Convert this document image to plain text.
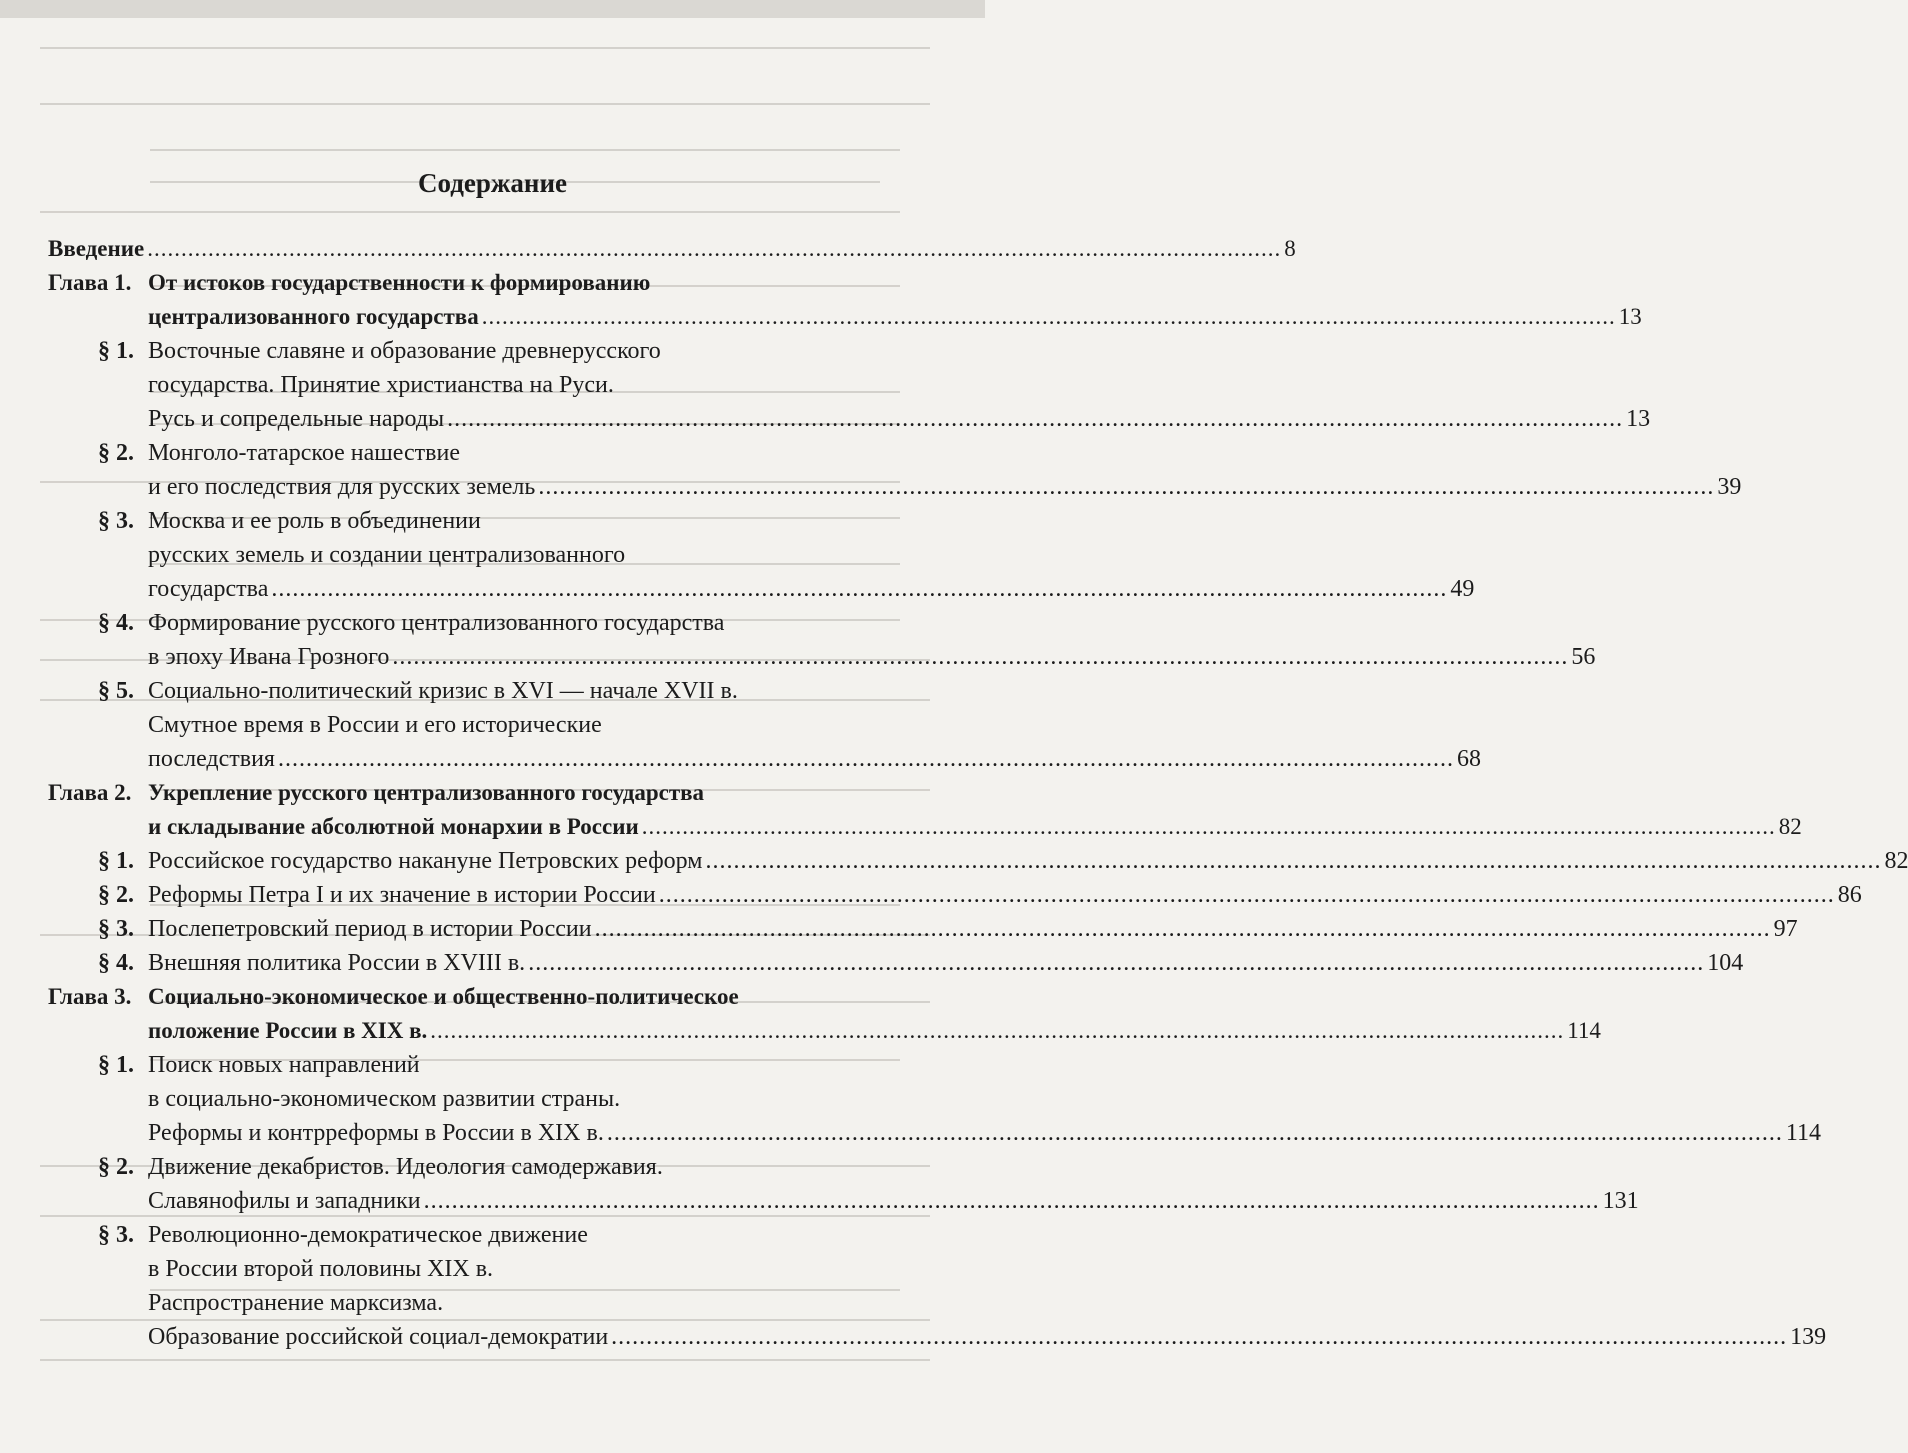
Содержание
Введение .....	8
Глава 1. От истоков государственности к формированию
централизованного государства .....	13
§ 1. Восточные славяне и образование древнерусского
государства. Принятие христианства на Руси.
Русь и сопредельные народы .....	13
§ 2. Монголо-татарское нашествие
и его последствия для русских земель .....	39
§ 3. Москва и ее роль в объединении
русских земель и создании централизованного
государства .....	49
§ 4. Формирование русского централизованного государства
в эпоху Ивана Грозного .....	56
§ 5. Социально-политический кризис в XVI — начале XVII в.
Смутное время в России и его исторические
последствия .....	68
Глава 2. Укрепление русского централизованного государства
и складывание абсолютной монархии в России .....	82
§ 1. Российское государство накануне Петровских реформ .....	82
§ 2. Реформы Петра I и их значение в истории России .....	86
§ 3. Послепетровский период в истории России .....	97
§ 4. Внешняя политика России в XVIII в. .....	104
Глава 3. Социально-экономическое и общественно-политическое
положение России в XIX в. .....	114
§ 1. Поиск новых направлений
в социально-экономическом развитии страны.
Реформы и контрреформы в России в XIX в. .....	114
§ 2. Движение декабристов. Идеология самодержавия.
Славянофилы и западники .....	131
§ 3. Революционно-демократическое движение
в России второй половины XIX в.
Распространение марксизма.
Образование российской социал-демократии .....	139
